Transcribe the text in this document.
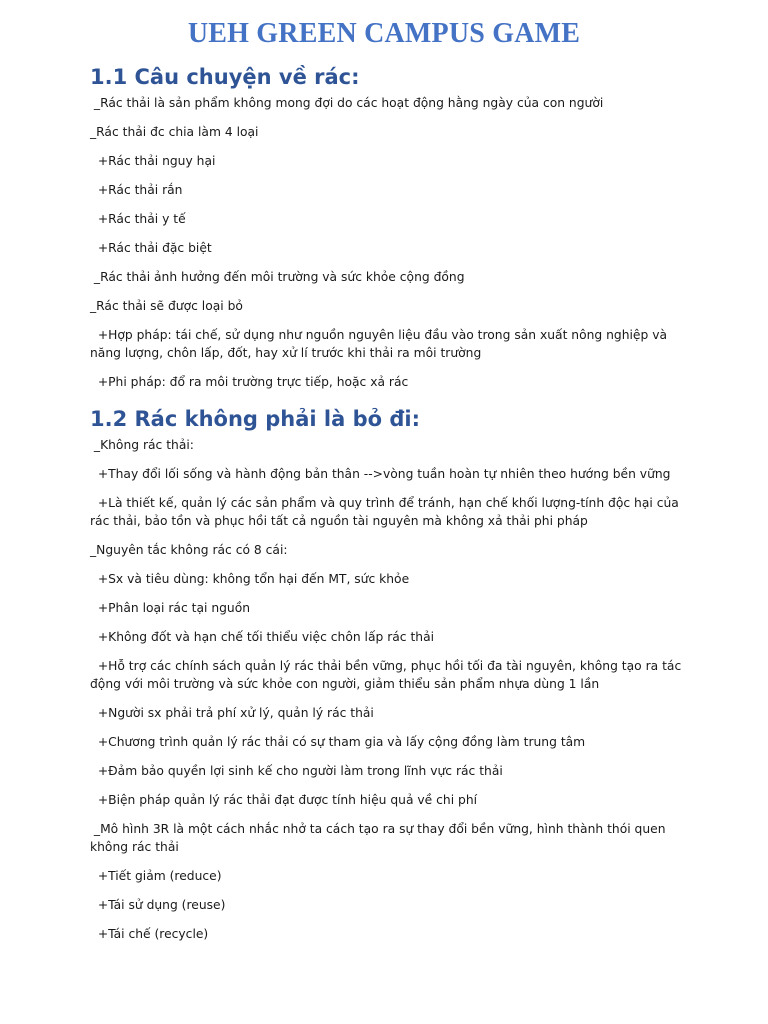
UEH GREEN CAMPUS GAME
1.1 Câu chuyện về rác:

_Rác thải là sản phẩm không mong đợi do các hoạt động hằng ngày của con người

_Rác thải đc chia làm 4 loại

+Rác thải nguy hại

+Rác thải rắn

+Rác thải y tế

+Rác thải đặc biệt

_Rác thải ảnh hưởng đến môi trường và sức khỏe cộng đồng

_Rác thải sẽ được loại bỏ

+Hợp pháp: tái chế, sử dụng như nguồn nguyên liệu đầu vào trong sản xuất nông nghiệp và năng lượng, chôn lấp, đốt, hay xử lí trước khi thải ra môi trường

+Phi pháp: đổ ra môi trường trực tiếp, hoặc xả rác

1.2 Rác không phải là bỏ đi:

_Không rác thải:

+Thay đổi lối sống và hành động bản thân -->vòng tuần hoàn tự nhiên theo hướng bền vững

+Là thiết kế, quản lý các sản phẩm và quy trình để tránh, hạn chế khối lượng-tính độc hại của rác thải, bảo tồn và phục hồi tất cả nguồn tài nguyên mà không xả thải phi pháp

_Nguyên tắc không rác có 8 cái:

+Sx và tiêu dùng: không tổn hại đến MT, sức khỏe

+Phân loại rác tại nguồn

+Không đốt và hạn chế tối thiểu việc chôn lấp rác thải

+Hỗ trợ các chính sách quản lý rác thải bền vững, phục hồi tối đa tài nguyên, không tạo ra tác động với môi trường và sức khỏe con người, giảm thiểu sản phẩm nhựa dùng 1 lần

+Người sx phải trả phí xử lý, quản lý rác thải

+Chương trình quản lý rác thải có sự tham gia và lấy cộng đồng làm trung tâm

+Đảm bảo quyền lợi sinh kế cho người làm trong lĩnh vực rác thải

+Biện pháp quản lý rác thải đạt được tính hiệu quả về chi phí

_Mô hình 3R là một cách nhắc nhở ta cách tạo ra sự thay đổi bền vững, hình thành thói quen không rác thải

+Tiết giảm (reduce)

+Tái sử dụng (reuse)

+Tái chế (recycle)
